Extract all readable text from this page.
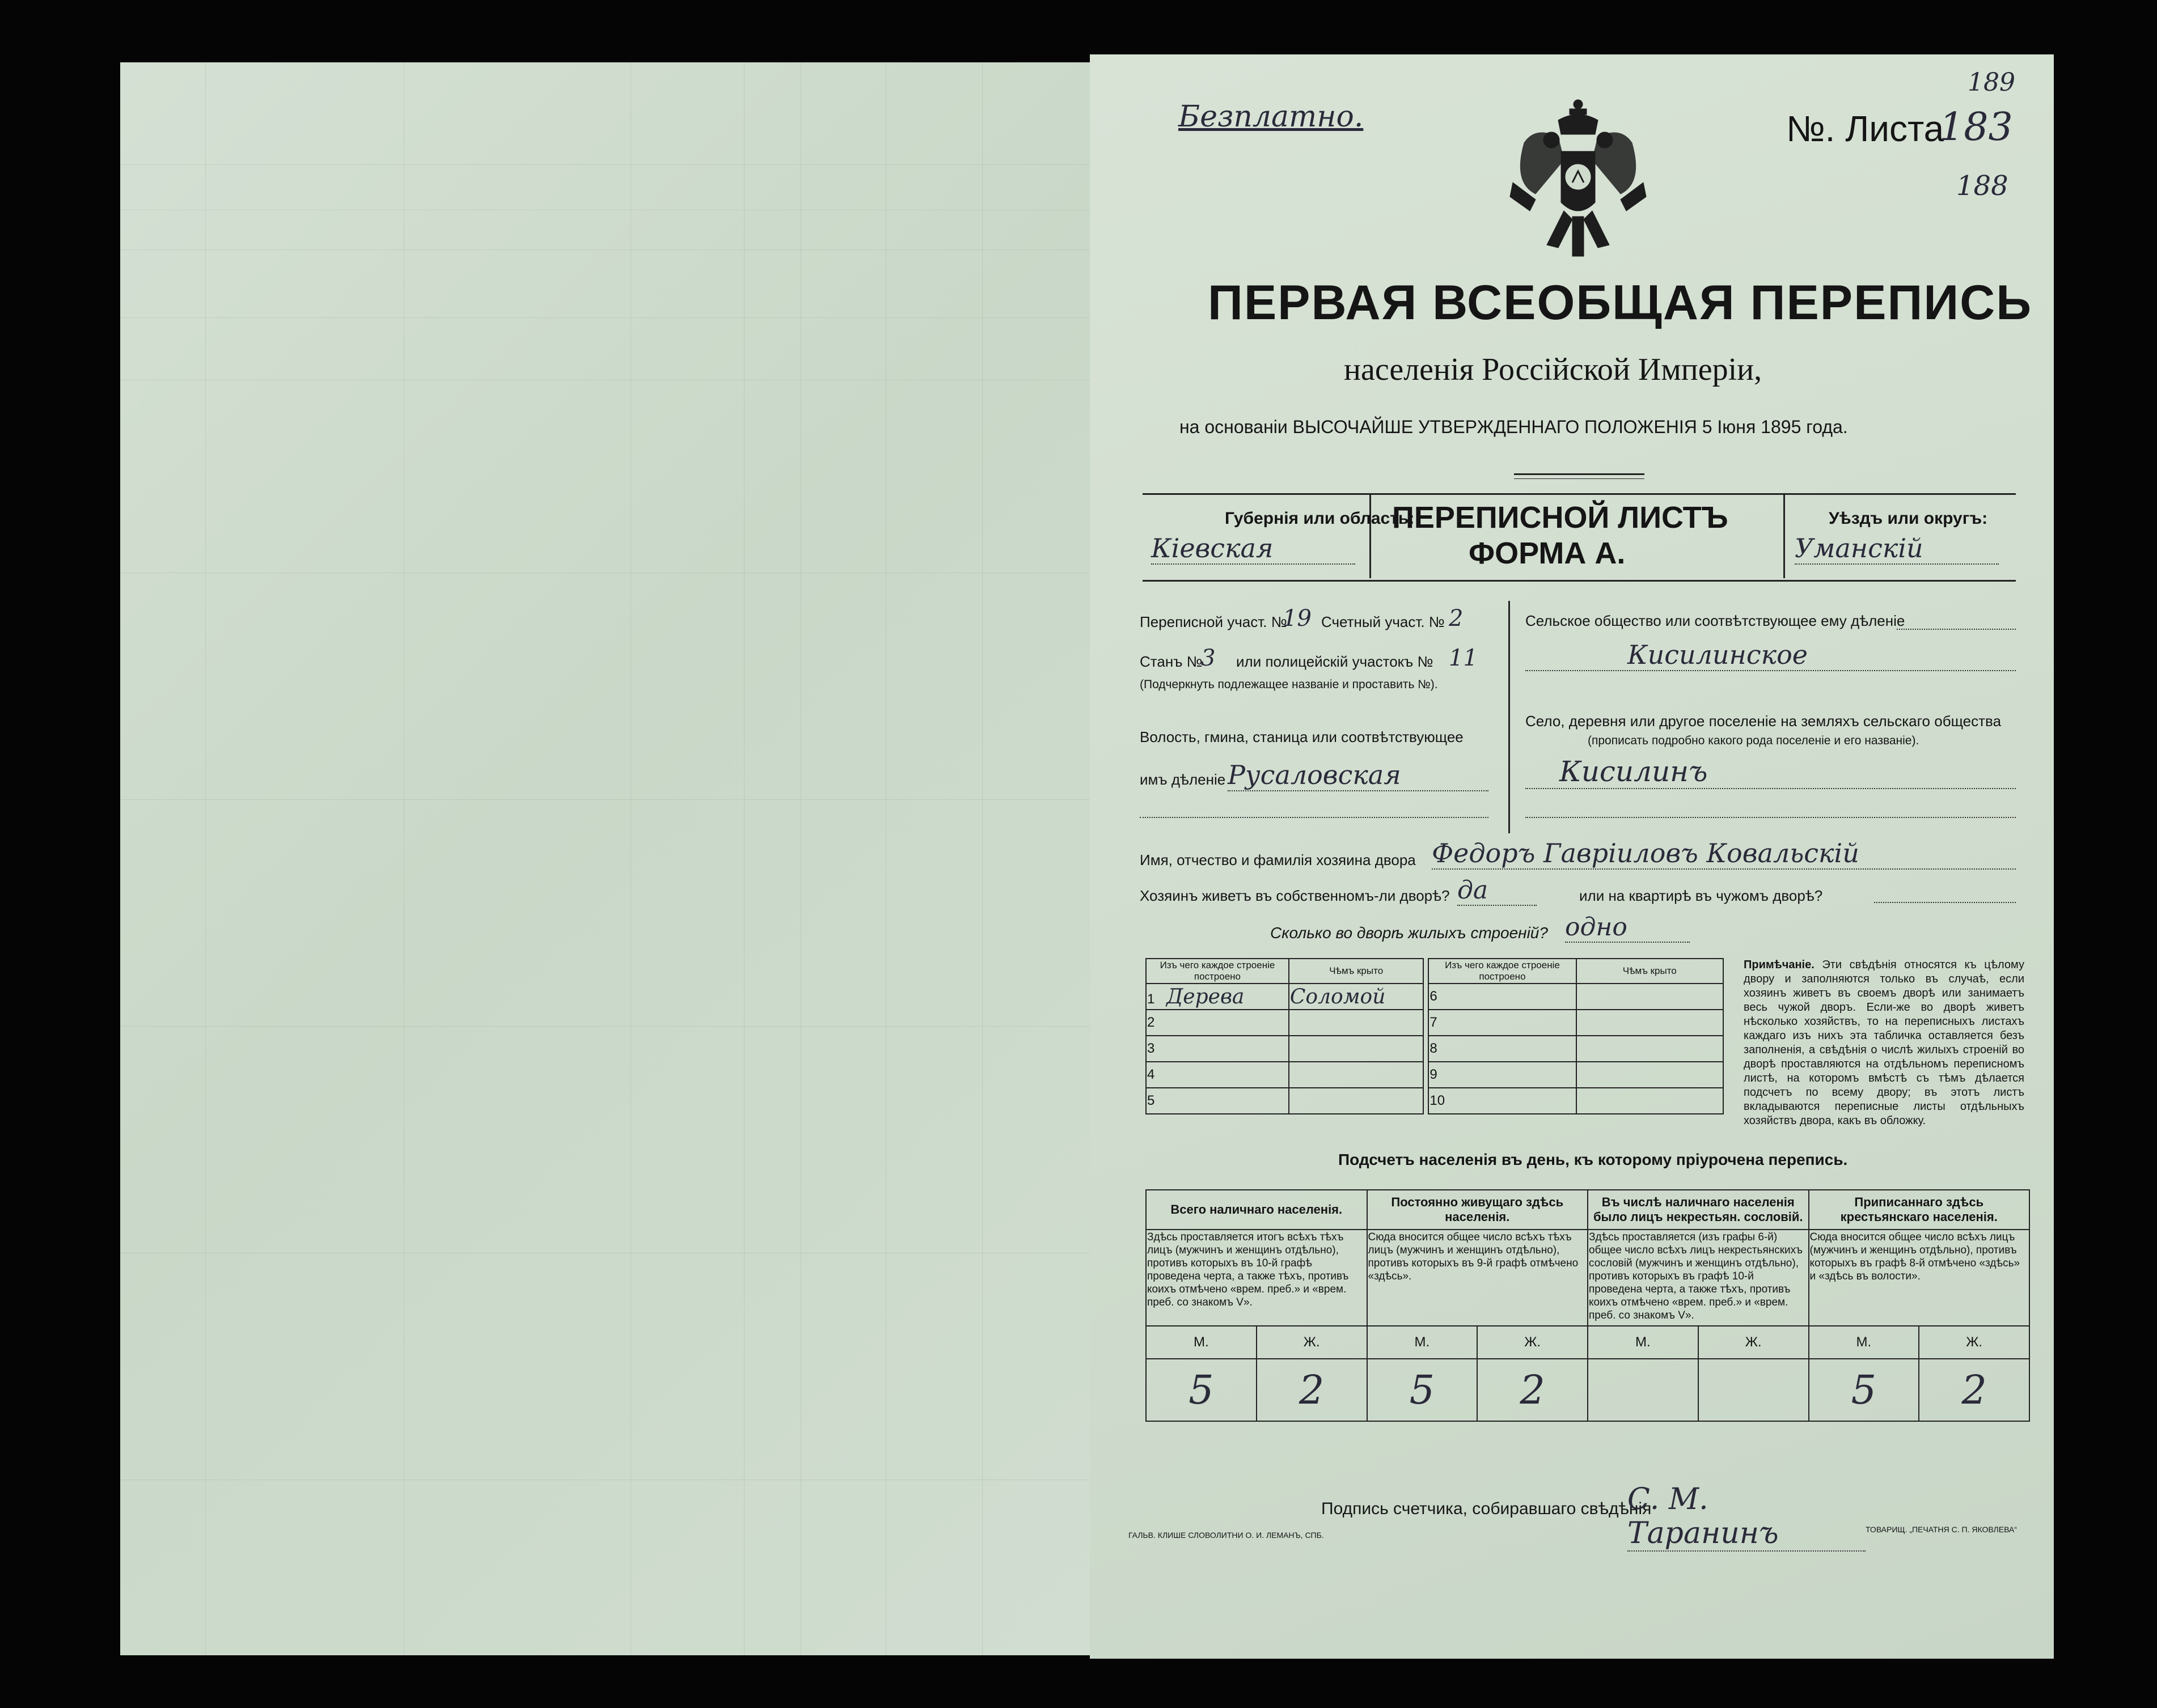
Безплатно.	№. Листа
183
189
188
ПЕРВАЯ ВСЕОБЩАЯ ПЕРЕПИСЬ
населенія Россійской Имперіи,
на основаніи ВЫСОЧАЙШЕ УТВЕРЖДЕННАГО ПОЛОЖЕНІЯ 5 Іюня 1895 года.
Губернія или область:
Кіевская
ПЕРЕПИСНОЙ ЛИСТЪ
ФОРМА А.
Уѣздъ или округъ:
Уманскій
Переписной участ. №
19 Счетный участ. № 2
Станъ №
3 или полицейскій участокъ № 11
(Подчеркнуть подлежащее названіе и проставить №).
Волость, гмина, станица или соотвѣтствующее
имъ дѣленіе Русаловская
Сельское общество или соотвѣтствующее ему дѣленіе
Кисилинское
Село, деревня или другое поселеніе на земляхъ сельскаго общества
(прописать подробно какого рода поселеніе и его названіе).
Кисилинъ
Имя, отчество и фамилія хозяина двора Федоръ Гаврiиловъ Ковальскiй
Хозяинъ живетъ въ собственномъ-ли дворѣ? да	или на квартирѣ въ чужомъ дворѣ?
Сколько во дворѣ жилыхъ строеній? одно
Изъ чего каждое строеніе построено	Чѣмъ крыто		Изъ чего каждое строеніе построено	Чѣмъ крыто
1 Дерева	Соломой		6	
2			7	
3			8	
4			9	
5			10	
Примѣчаніе. Эти свѣдѣнія относятся къ цѣлому двору и заполняются только въ случаѣ, если хозяинъ живетъ въ своемъ дворѣ или занимаетъ весь чужой дворъ. Если-же во дворѣ живетъ нѣсколько хозяйствъ, то на переписныхъ листахъ каждаго изъ нихъ эта табличка оставляется безъ заполненія, а свѣдѣнія о числѣ жилыхъ строеній во дворѣ проставляются на отдѣльномъ переписномъ листѣ, на которомъ вмѣстѣ съ тѣмъ дѣлается подсчетъ по всему двору; въ этотъ листъ вкладываются переписные листы отдѣльныхъ хозяйствъ двора, какъ въ обложку.
Подсчетъ населенія въ день, къ которому пріурочена перепись.
Всего наличнаго населенія.		Постоянно живущаго здѣсь населенія.		Въ числѣ наличнаго населенія было лицъ некрестьян. сословій.		Приписаннаго здѣсь крестьянскаго населенія.	
Здѣсь проставляется итогъ всѣхъ тѣхъ лицъ (мужчинъ и женщинъ отдѣльно), противъ которыхъ въ 10-й графѣ проведена черта, а также тѣхъ, противъ коихъ отмѣчено «врем. преб.» и «врем. преб. со знакомъ V».		Сюда вносится общее число всѣхъ тѣхъ лицъ (мужчинъ и женщинъ отдѣльно), противъ которыхъ въ 9-й графѣ отмѣчено «здѣсь».		Здѣсь проставляется (изъ графы 6-й) общее число всѣхъ лицъ некрестьянскихъ сословій (мужчинъ и женщинъ отдѣльно), противъ которыхъ въ графѣ 10-й проведена черта, а также тѣхъ, противъ коихъ отмѣчено «врем. преб.» и «врем. преб. со знакомъ V».		Сюда вносится общее число всѣхъ лицъ (мужчинъ и женщинъ отдѣльно), противъ которыхъ въ графѣ 8-й отмѣчено «здѣсь» и «здѣсь въ волости».	
М.	Ж.	М.	Ж.	М.	Ж.	М.	Ж.
5	2	5	2			5	2
Подпись счетчика, собиравшаго свѣдѣнія
С. М. Таранинъ
ГАЛЬВ. КЛИШЕ СЛОВОЛИТНИ О. И. ЛЕМАНЪ, СПБ.
ТОВАРИЩ. „ПЕЧАТНЯ С. П. ЯКОВЛЕВА“
